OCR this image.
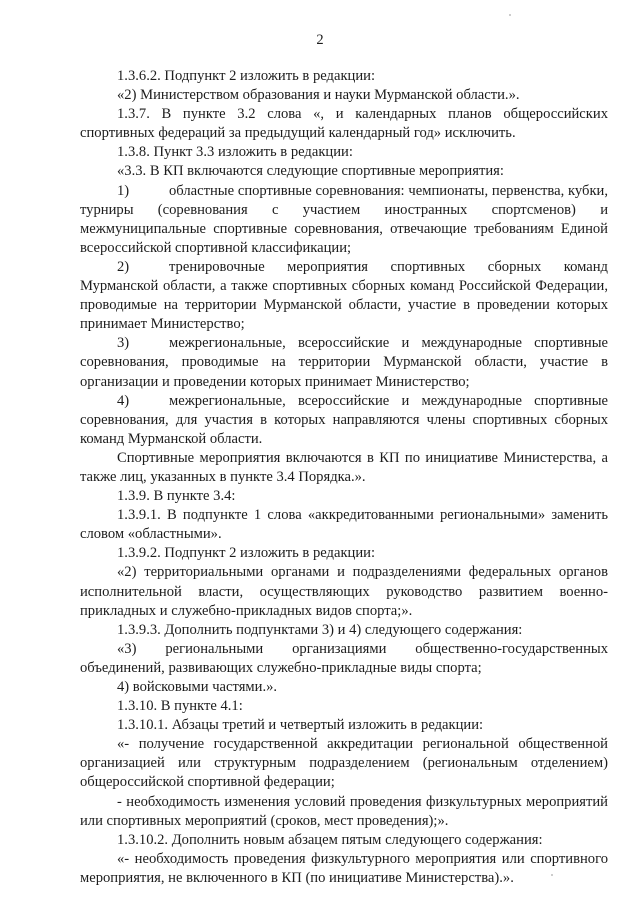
2

1.3.6.2. Подпункт 2 изложить в редакции:

«2) Министерством образования и науки Мурманской области.».

1.3.7. В пункте 3.2 слова «, и календарных планов общероссийских спортивных федераций за предыдущий календарный год» исключить.

1.3.8. Пункт 3.3 изложить в редакции:

«3.3. В КП включаются следующие спортивные мероприятия:

1)	областные спортивные соревнования: чемпионаты, первенства, кубки, турниры (соревнования с участием иностранных спортсменов) и межмуниципальные спортивные соревнования, отвечающие требованиям Единой всероссийской спортивной классификации;

2)	тренировочные мероприятия спортивных сборных команд Мурманской области, а также спортивных сборных команд Российской Федерации, проводимые на территории Мурманской области, участие в проведении которых принимает Министерство;

3)	межрегиональные, всероссийские и международные спортивные соревнования, проводимые на территории Мурманской области, участие в организации и проведении которых принимает Министерство;

4)	межрегиональные, всероссийские и международные спортивные соревнования, для участия в которых направляются члены спортивных сборных команд Мурманской области.

Спортивные мероприятия включаются в КП по инициативе Министерства, а также лиц, указанных в пункте 3.4 Порядка.».

1.3.9. В пункте 3.4:

1.3.9.1. В подпункте 1 слова «аккредитованными региональными» заменить словом «областными».

1.3.9.2. Подпункт 2 изложить в редакции:

«2) территориальными органами и подразделениями федеральных органов исполнительной власти, осуществляющих руководство развитием военно-прикладных и служебно-прикладных видов спорта;».

1.3.9.3. Дополнить подпунктами 3) и 4) следующего содержания:

«3) региональными организациями общественно-государственных объединений, развивающих служебно-прикладные виды спорта;

4) войсковыми частями.».

1.3.10. В пункте 4.1:

1.3.10.1. Абзацы третий и четвертый изложить в редакции:

«- получение государственной аккредитации региональной общественной организацией или структурным подразделением (региональным отделением) общероссийской спортивной федерации;

- необходимость изменения условий проведения физкультурных мероприятий или спортивных мероприятий (сроков, мест проведения);».

1.3.10.2. Дополнить новым абзацем пятым следующего содержания:

«- необходимость проведения физкультурного мероприятия или спортивного мероприятия, не включенного в КП (по инициативе Министерства).».
